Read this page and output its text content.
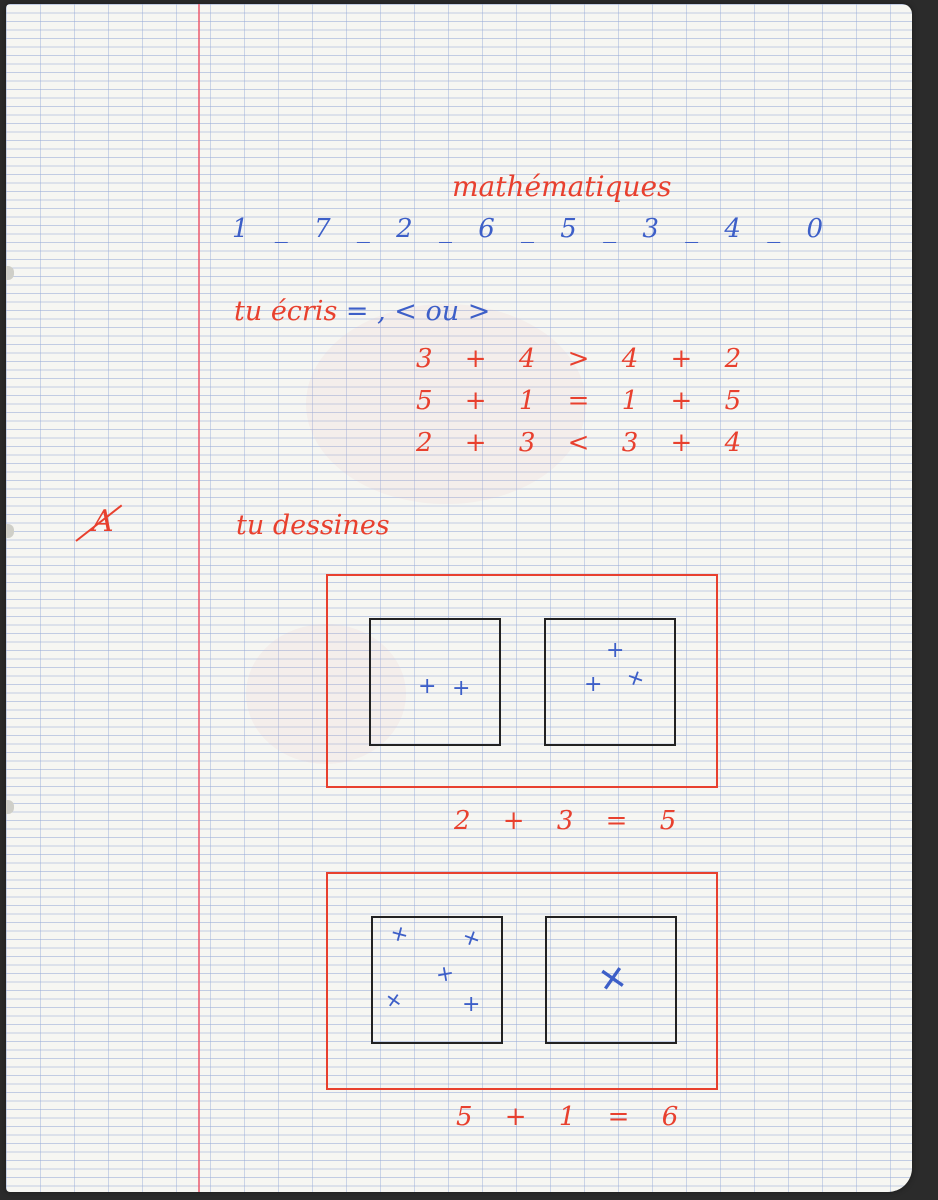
mathématiques
1 _ 7 _ 2 _ 6 _ 5 _ 3 _ 4 _ 0
tu écris = , < ou >
3 + 4 > 4 + 2
5 + 1 = 1 + 5
2 + 3 < 3 + 4
A	tu dessines
+ +
+
+ +
2 + 3 = 5
+ +
+
+ +	+
5 + 1 = 6
